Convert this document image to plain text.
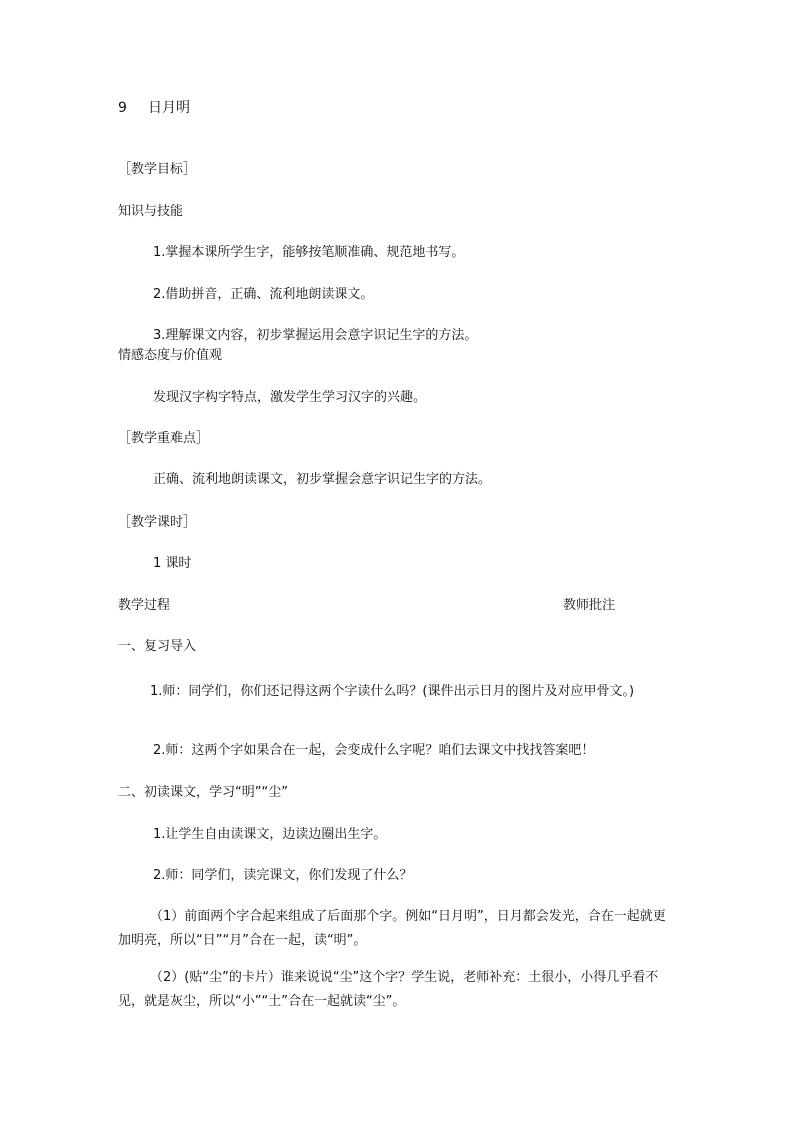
9 日月明
［教学目标］
知识与技能
1.掌握本课所学生字，能够按笔顺准确、规范地书写。
2.借助拼音，正确、流利地朗读课文。
3.理解课文内容，初步掌握运用会意字识记生字的方法。
情感态度与价值观
发现汉字构字特点，激发学生学习汉字的兴趣。
［教学重难点］
正确、流利地朗读课文，初步掌握会意字识记生字的方法。
［教学课时］
1 课时
教学过程	教师批注
一、复习导入
1.师：同学们，你们还记得这两个字读什么吗？(课件出示日月的图片及对应甲骨文。)
2.师：这两个字如果合在一起，会变成什么字呢？咱们去课文中找找答案吧！
二、初读课文，学习“明”“尘”
1.让学生自由读课文，边读边圈出生字。
2.师：同学们，读完课文，你们发现了什么？
（1）前面两个字合起来组成了后面那个字。例如“日月明”，日月都会发光，合在一起就更加明亮，所以“日”“月”合在一起，读“明”。
（2）(贴“尘”的卡片）谁来说说“尘”这个字？学生说，老师补充：土很小，小得几乎看不见，就是灰尘，所以“小”“土”合在一起就读“尘”。
